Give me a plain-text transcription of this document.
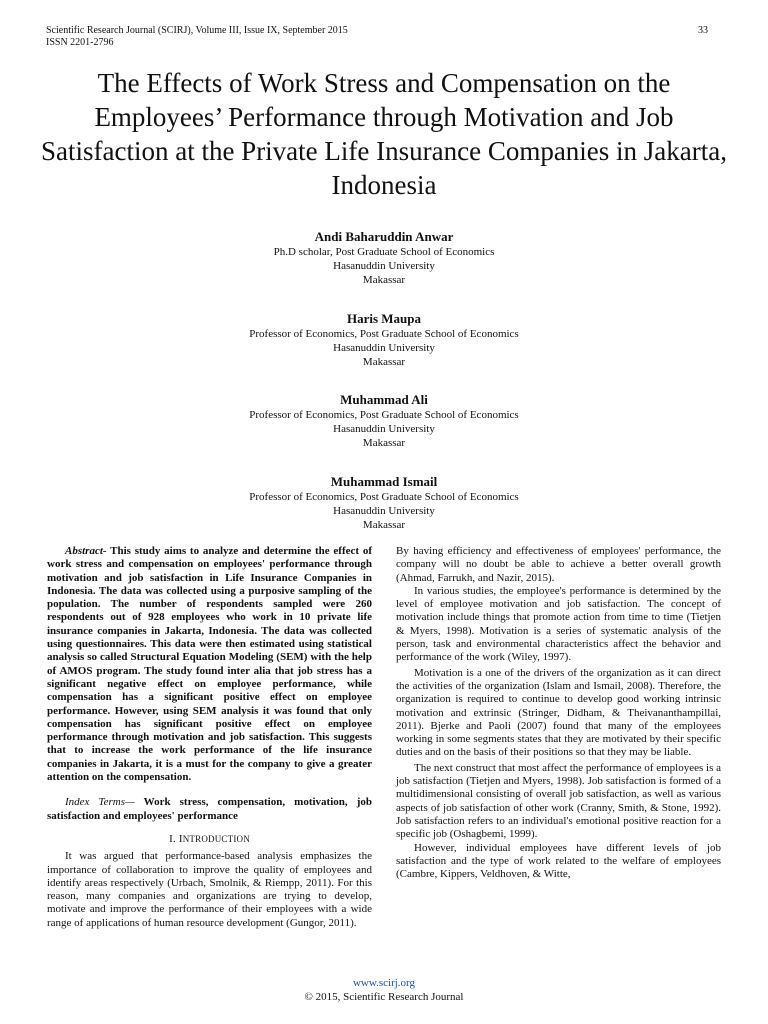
Scientific Research Journal (SCIRJ), Volume III, Issue IX, September 2015
ISSN 2201-2796
33
The Effects of Work Stress and Compensation on the Employees’ Performance through Motivation and Job Satisfaction at the Private Life Insurance Companies in Jakarta, Indonesia
Andi Baharuddin Anwar
Ph.D scholar, Post Graduate School of Economics
Hasanuddin University
Makassar
Haris Maupa
Professor of Economics, Post Graduate School of Economics
Hasanuddin University
Makassar
Muhammad Ali
Professor of Economics, Post Graduate School of Economics
Hasanuddin University
Makassar
Muhammad Ismail
Professor of Economics, Post Graduate School of Economics
Hasanuddin University
Makassar

Abstract- This study aims to analyze and determine the effect of work stress and compensation on employees' performance through motivation and job satisfaction in Life Insurance Companies in Indonesia. The data was collected using a purposive sampling of the population. The number of respondents sampled were 260 respondents out of 928 employees who work in 10 private life insurance companies in Jakarta, Indonesia. The data was collected using questionnaires. This data were then estimated using statistical analysis so called Structural Equation Modeling (SEM) with the help of AMOS program. The study found inter alia that job stress has a significant negative effect on employee performance, while compensation has a significant positive effect on employee performance. However, using SEM analysis it was found that only compensation has significant positive effect on employee performance through motivation and job satisfaction. This suggests that to increase the work performance of the life insurance companies in Jakarta, it is a must for the company to give a greater attention on the compensation.

Index Terms— Work stress, compensation, motivation, job satisfaction and employees' performance

I. INTRODUCTION

It was argued that performance-based analysis emphasizes the importance of collaboration to improve the quality of employees and identify areas respectively (Urbach, Smolnik, & Riempp, 2011). For this reason, many companies and organizations are trying to develop, motivate and improve the performance of their employees with a wide range of applications of human resource development (Gungor, 2011).

By having efficiency and effectiveness of employees' performance, the company will no doubt be able to achieve a better overall growth (Ahmad, Farrukh, and Nazir, 2015).

In various studies, the employee's performance is determined by the level of employee motivation and job satisfaction. The concept of motivation include things that promote action from time to time (Tietjen & Myers, 1998). Motivation is a series of systematic analysis of the person, task and environmental characteristics affect the behavior and performance of the work (Wiley, 1997).

Motivation is a one of the drivers of the organization as it can direct the activities of the organization (Islam and Ismail, 2008). Therefore, the organization is required to continue to develop good working intrinsic motivation and extrinsic (Stringer, Didham, & Theivananthampillai, 2011). Bjerke and Paoli (2007) found that many of the employees working in some segments states that they are motivated by their specific duties and on the basis of their positions so that they may be liable.

The next construct that most affect the performance of employees is a job satisfaction (Tietjen and Myers, 1998). Job satisfaction is formed of a multidimensional consisting of overall job satisfaction, as well as various aspects of job satisfaction of other work (Cranny, Smith, & Stone, 1992). Job satisfaction refers to an individual's emotional positive reaction for a specific job (Oshagbemi, 1999).

However, individual employees have different levels of job satisfaction and the type of work related to the welfare of employees (Cambre, Kippers, Veldhoven, & Witte,

www.scirj.org
© 2015, Scientific Research Journal
